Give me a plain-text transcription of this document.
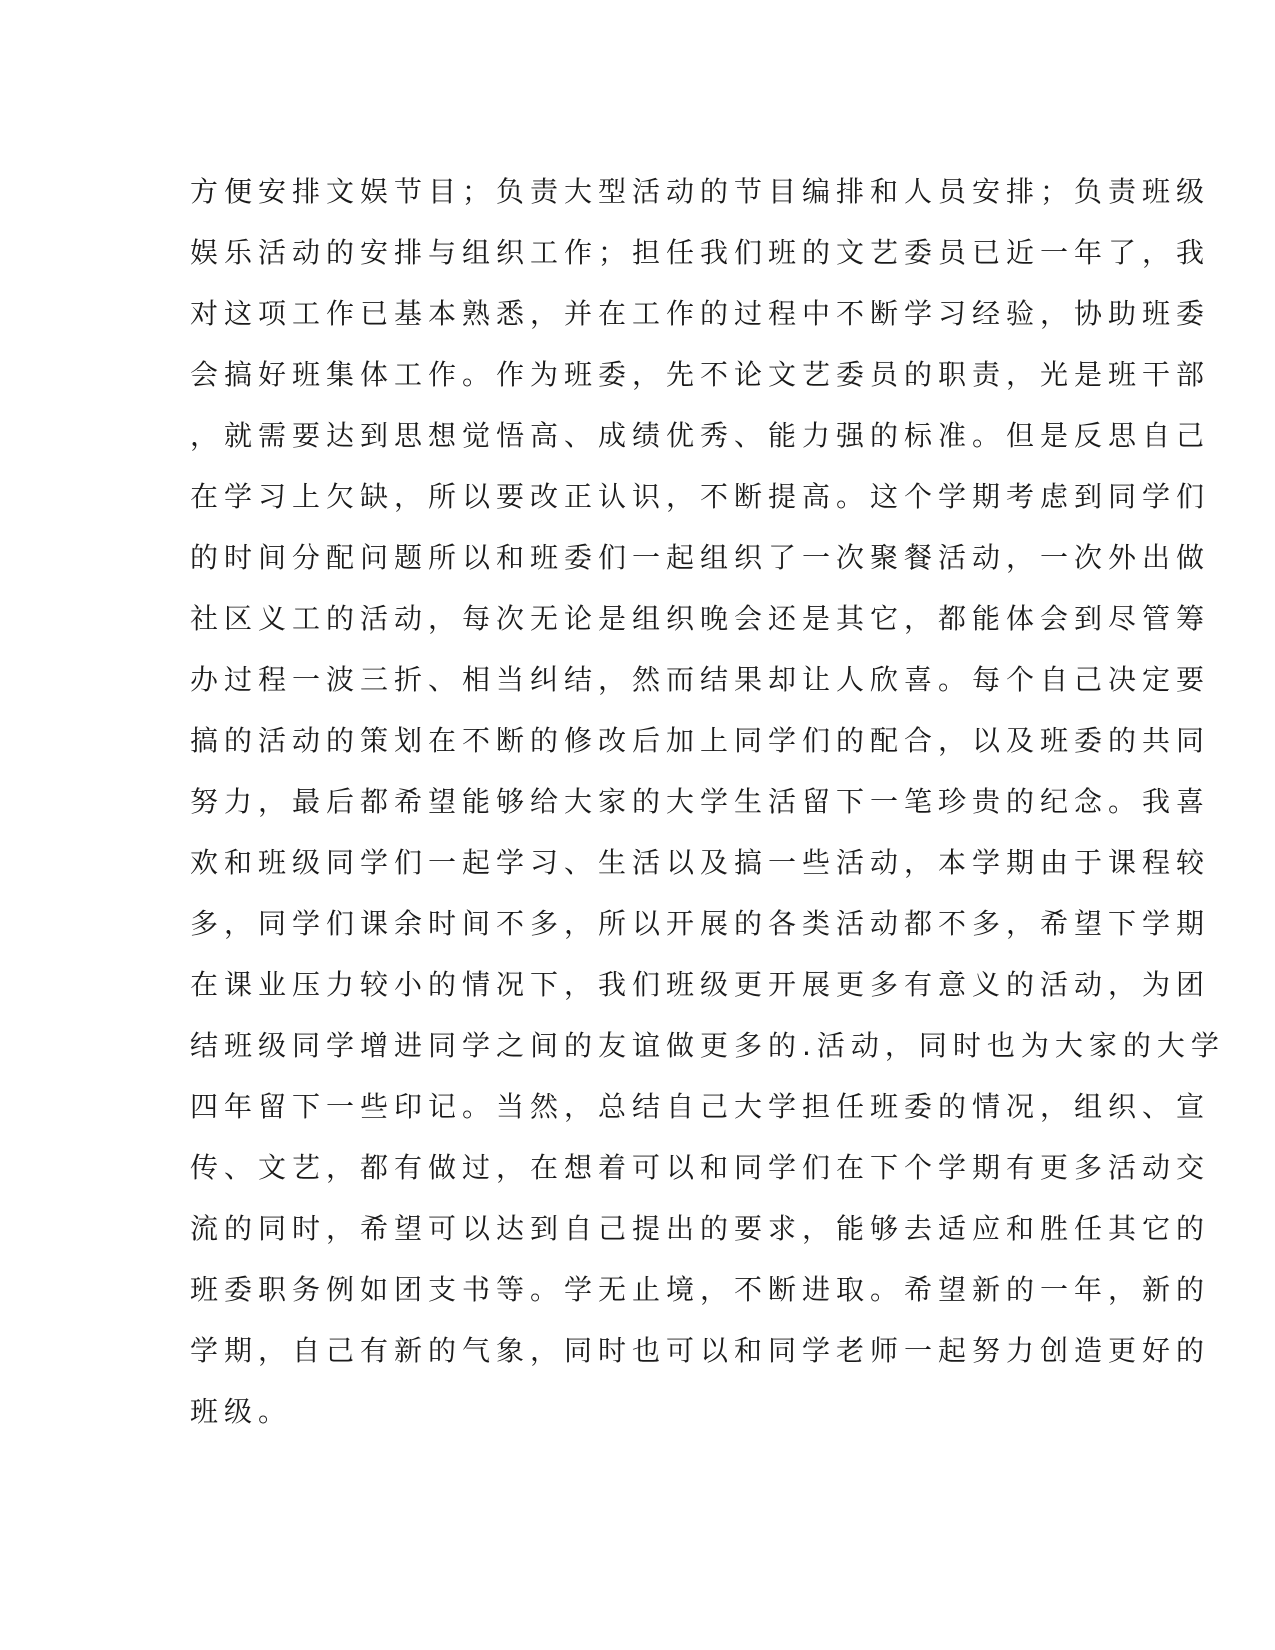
方便安排文娱节目；负责大型活动的节目编排和人员安排；负责班级
娱乐活动的安排与组织工作；担任我们班的文艺委员已近一年了，我
对这项工作已基本熟悉，并在工作的过程中不断学习经验，协助班委
会搞好班集体工作。作为班委，先不论文艺委员的职责，光是班干部
，就需要达到思想觉悟高、成绩优秀、能力强的标准。但是反思自己
在学习上欠缺，所以要改正认识，不断提高。这个学期考虑到同学们
的时间分配问题所以和班委们一起组织了一次聚餐活动，一次外出做
社区义工的活动，每次无论是组织晚会还是其它，都能体会到尽管筹
办过程一波三折、相当纠结，然而结果却让人欣喜。每个自己决定要
搞的活动的策划在不断的修改后加上同学们的配合，以及班委的共同
努力，最后都希望能够给大家的大学生活留下一笔珍贵的纪念。我喜
欢和班级同学们一起学习、生活以及搞一些活动，本学期由于课程较
多，同学们课余时间不多，所以开展的各类活动都不多，希望下学期
在课业压力较小的情况下，我们班级更开展更多有意义的活动，为团
结班级同学增进同学之间的友谊做更多的.活动，同时也为大家的大学
四年留下一些印记。当然，总结自己大学担任班委的情况，组织、宣
传、文艺，都有做过，在想着可以和同学们在下个学期有更多活动交
流的同时，希望可以达到自己提出的要求，能够去适应和胜任其它的
班委职务例如团支书等。学无止境，不断进取。希望新的一年，新的
学期，自己有新的气象，同时也可以和同学老师一起努力创造更好的
班级。
